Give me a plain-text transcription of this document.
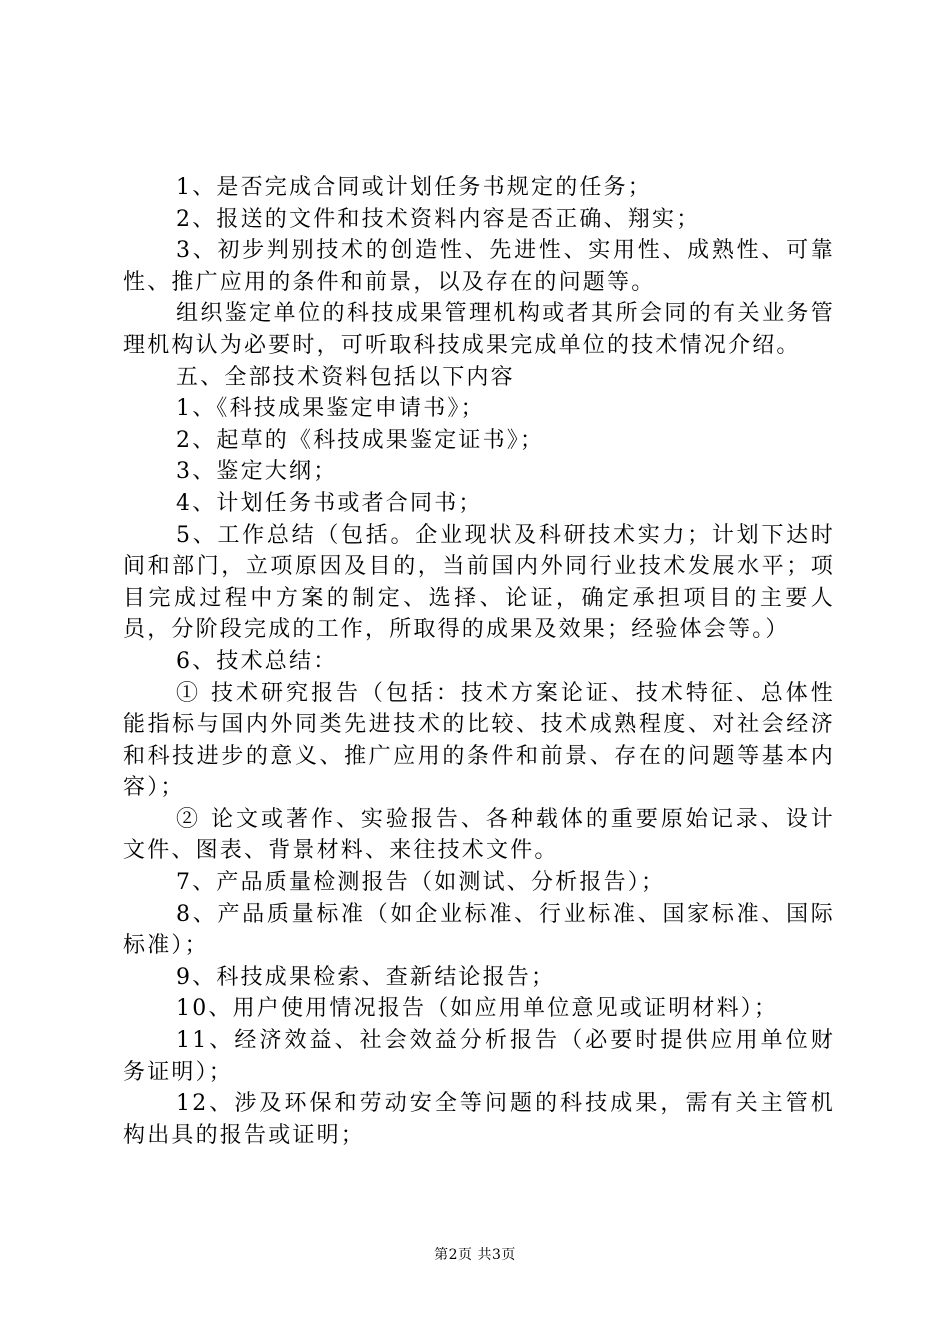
1、是否完成合同或计划任务书规定的任务；

2、报送的文件和技术资料内容是否正确、翔实；

3、初步判别技术的创造性、先进性、实用性、成熟性、可靠性、推广应用的条件和前景，以及存在的问题等。

组织鉴定单位的科技成果管理机构或者其所会同的有关业务管理机构认为必要时，可听取科技成果完成单位的技术情况介绍。

五、全部技术资料包括以下内容

1、《科技成果鉴定申请书》；

2、起草的《科技成果鉴定证书》；

3、鉴定大纲；

4、计划任务书或者合同书；

5、工作总结（包括。企业现状及科研技术实力；计划下达时间和部门，立项原因及目的，当前国内外同行业技术发展水平；项目完成过程中方案的制定、选择、论证，确定承担项目的主要人员，分阶段完成的工作，所取得的成果及效果；经验体会等。）

6、技术总结：

① 技术研究报告（包括：技术方案论证、技术特征、总体性能指标与国内外同类先进技术的比较、技术成熟程度、对社会经济和科技进步的意义、推广应用的条件和前景、存在的问题等基本内容）；

② 论文或著作、实验报告、各种载体的重要原始记录、设计文件、图表、背景材料、来往技术文件。

7、产品质量检测报告（如测试、分析报告）；

8、产品质量标准（如企业标准、行业标准、国家标准、国际标准）；

9、科技成果检索、查新结论报告；

10、用户使用情况报告（如应用单位意见或证明材料）；

11、经济效益、社会效益分析报告（必要时提供应用单位财务证明）；

12、涉及环保和劳动安全等问题的科技成果，需有关主管机构出具的报告或证明；

第2页 共3页
